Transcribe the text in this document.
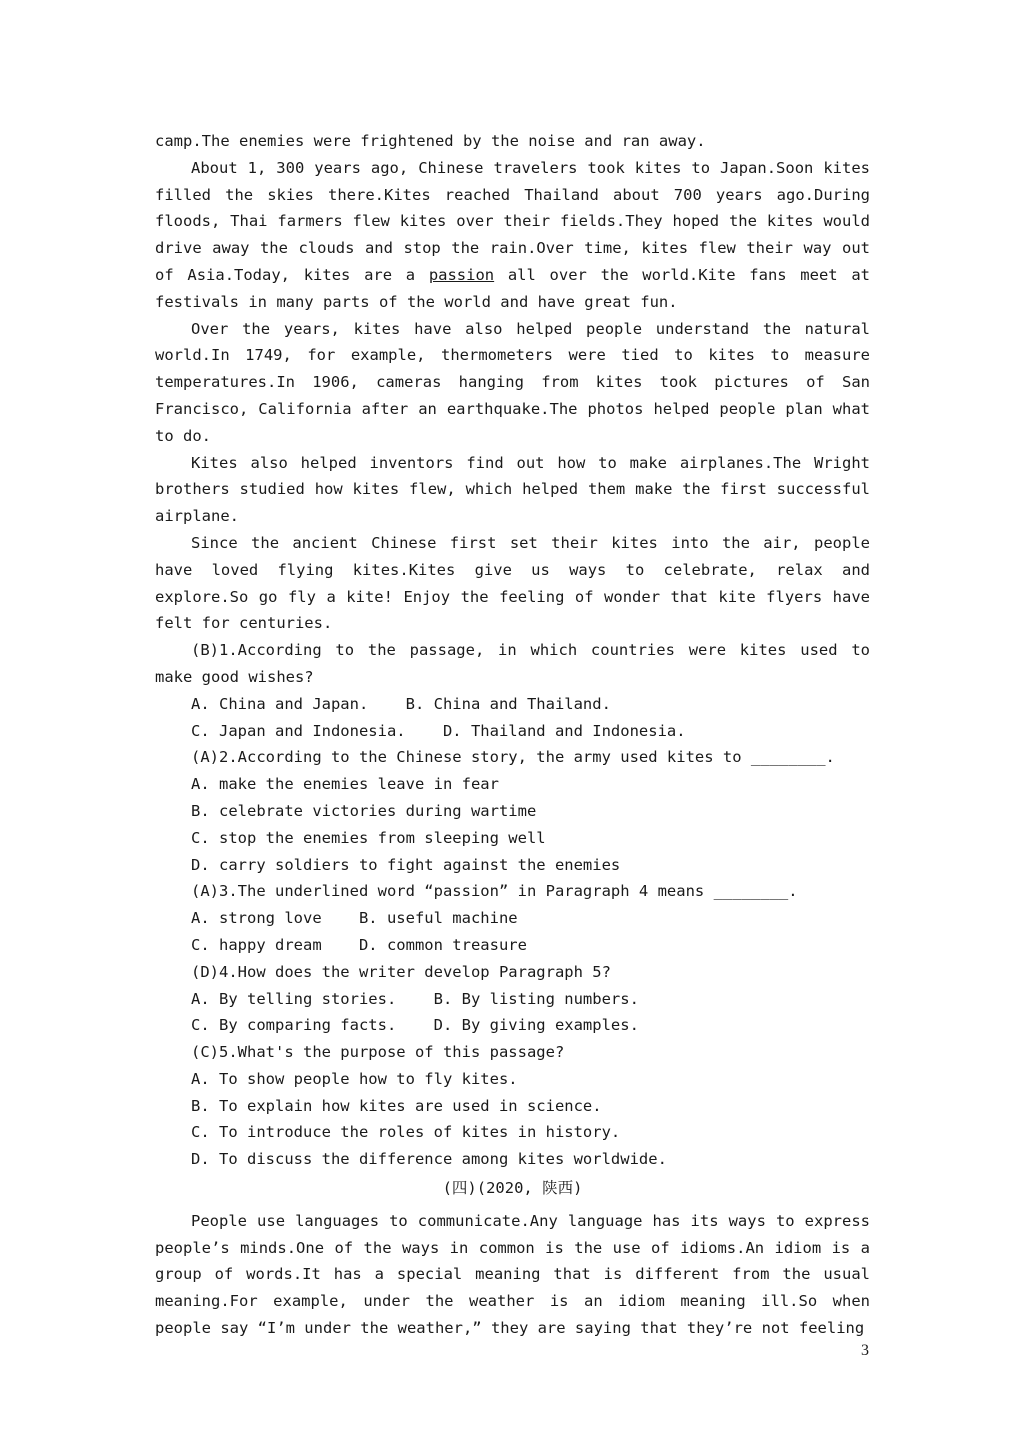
camp.The enemies were frightened by the noise and ran away.

About 1, 300 years ago, Chinese travelers took kites to Japan.Soon kites filled the skies there.Kites reached Thailand about 700 years ago.During floods, Thai farmers flew kites over their fields.They hoped the kites would drive away the clouds and stop the rain.Over time, kites flew their way out of Asia.Today, kites are a passion all over the world.Kite fans meet at festivals in many parts of the world and have great fun.

Over the years, kites have also helped people understand the natural world.In 1749, for example, thermometers were tied to kites to measure temperatures.In 1906, cameras hanging from kites took pictures of San Francisco, California after an earthquake.The photos helped people plan what to do.

Kites also helped inventors find out how to make airplanes.The Wright brothers studied how kites flew, which helped them make the first successful airplane.

Since the ancient Chinese first set their kites into the air, people have loved flying kites.Kites give us ways to celebrate, relax and explore.So go fly a kite! Enjoy the feeling of wonder that kite flyers have felt for centuries.

(B)1.According to the passage, in which countries were kites used to make good wishes?

A. China and Japan.    B. China and Thailand.

C. Japan and Indonesia.    D. Thailand and Indonesia.

(A)2.According to the Chinese story, the army used kites to ________.

A. make the enemies leave in fear

B. celebrate victories during wartime

C. stop the enemies from sleeping well

D. carry soldiers to fight against the enemies

(A)3.The underlined word “passion” in Paragraph 4 means ________.

A. strong love    B. useful machine

C. happy dream    D. common treasure

(D)4.How does the writer develop Paragraph 5?

A. By telling stories.    B. By listing numbers.

C. By comparing facts.    D. By giving examples.

(C)5.What's the purpose of this passage?

A. To show people how to fly kites.

B. To explain how kites are used in science.

C. To introduce the roles of kites in history.

D. To discuss the difference among kites worldwide.

(四)(2020, 陕西)

People use languages to communicate.Any language has its ways to express people’s minds.One of the ways in common is the use of idioms.An idiom is a group of words.It has a special meaning that is different from the usual meaning.For example, under the weather is an idiom meaning ill.So when people say “I’m under the weather,” they are saying that they’re not feeling

3
